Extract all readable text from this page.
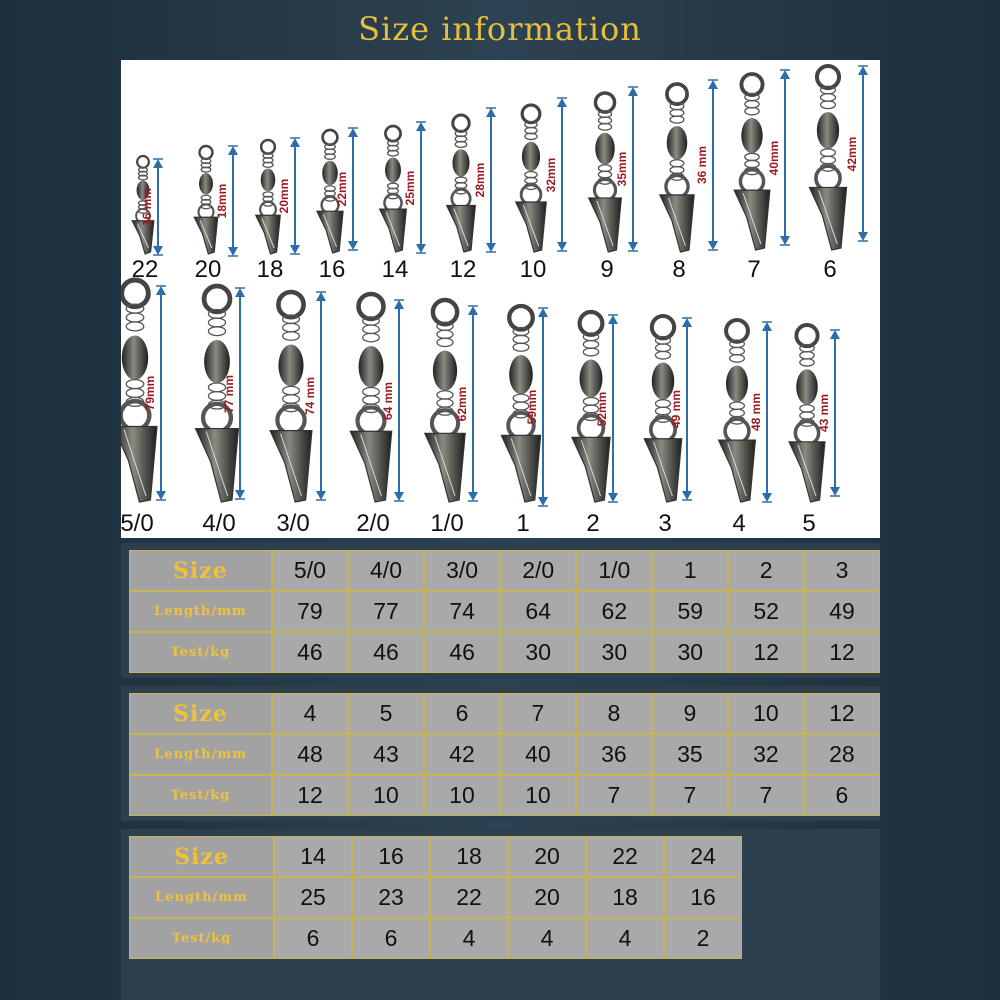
Size information
16 mm
22
18mm
20
20mm
18
22mm
16
25mm
14
28mm
12
32mm
10
35mm
9
36 mm
8
40mm
7
42mm
6
79mm
5/0
77 mm
4/0
74 mm
3/0
64 mm
2/0
62mm
1/0
59mm
1
52mm
2
49 mm
3
48 mm
4
43 mm
5
Size	5/0	4/0	3/0	2/0	1/0	1	2	3
Length/mm	79	77	74	64	62	59	52	49
Test/kg	46	46	46	30	30	30	12	12
Size	4	5	6	7	8	9	10	12
Length/mm	48	43	42	40	36	35	32	28
Test/kg	12	10	10	10	7	7	7	6
Size	14	16	18	20	22	24
Length/mm	25	23	22	20	18	16
Test/kg	6	6	4	4	4	2
